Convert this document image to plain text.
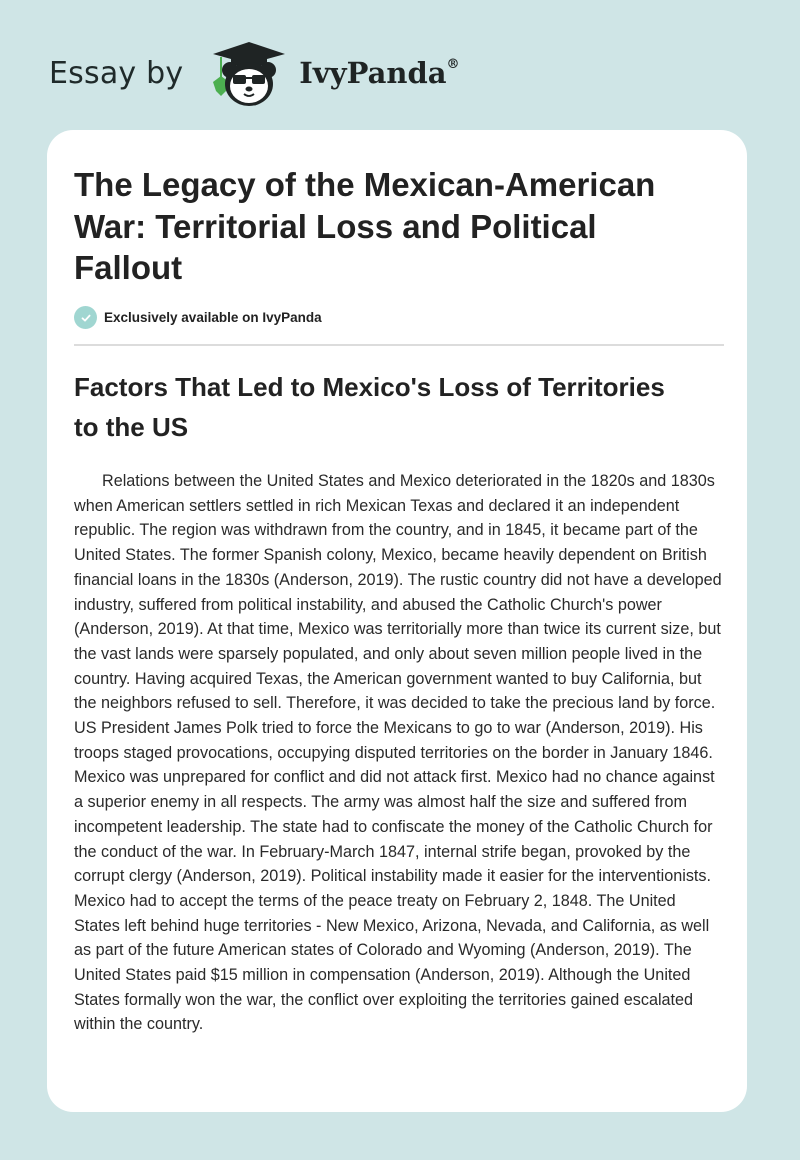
Essay by	IvyPanda®
The Legacy of the Mexican-American War: Territorial Loss and Political Fallout
Exclusively available on IvyPanda
Factors That Led to Mexico's Loss of Territories to the US

Relations between the United States and Mexico deteriorated in the 1820s and 1830s when American settlers settled in rich Mexican Texas and declared it an independent republic. The region was withdrawn from the country, and in 1845, it became part of the United States. The former Spanish colony, Mexico, became heavily dependent on British financial loans in the 1830s (Anderson, 2019). The rustic country did not have a developed industry, suffered from political instability, and abused the Catholic Church's power (Anderson, 2019). At that time, Mexico was territorially more than twice its current size, but the vast lands were sparsely populated, and only about seven million people lived in the country. Having acquired Texas, the American government wanted to buy California, but the neighbors refused to sell. Therefore, it was decided to take the precious land by force. US President James Polk tried to force the Mexicans to go to war (Anderson, 2019). His troops staged provocations, occupying disputed territories on the border in January 1846. Mexico was unprepared for conflict and did not attack first. Mexico had no chance against a superior enemy in all respects. The army was almost half the size and suffered from incompetent leadership. The state had to confiscate the money of the Catholic Church for the conduct of the war. In February-March 1847, internal strife began, provoked by the corrupt clergy (Anderson, 2019). Political instability made it easier for the interventionists. Mexico had to accept the terms of the peace treaty on February 2, 1848. The United States left behind huge territories - New Mexico, Arizona, Nevada, and California, as well as part of the future American states of Colorado and Wyoming (Anderson, 2019). The United States paid $15 million in compensation (Anderson, 2019). Although the United States formally won the war, the conflict over exploiting the territories gained escalated within the country.
